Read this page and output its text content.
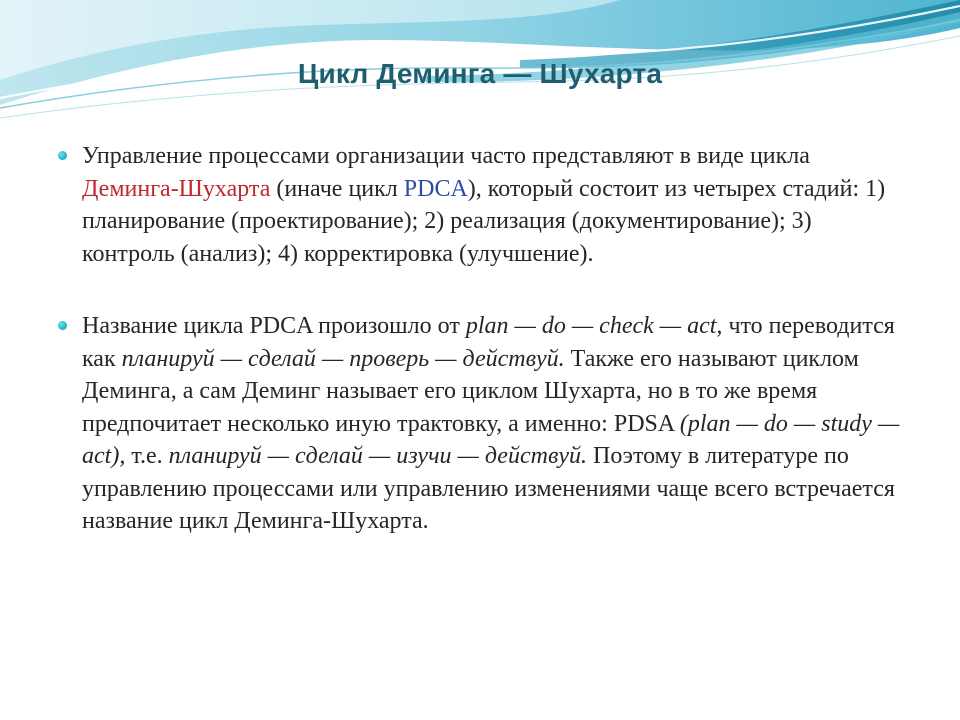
Цикл Деминга — Шухарта

Управление процессами организации часто представляют в виде цикла Деминга-Шухарта (иначе цикл PDCA), который состоит из четырех стадий: 1) планирование (проектирование); 2) реализация (документирование); 3) контроль (анализ); 4) корректировка (улучшение).

Название цикла PDCA произошло от plan — do — check — act, что переводится как планируй — сделай — проверь — действуй. Также его называют циклом Деминга, а сам Деминг называет его циклом Шухарта, но в то же время предпочитает несколько иную трактовку, а именно: PDSA (plan — do — study — act), т.е. планируй — сделай — изучи — действуй. Поэтому в литературе по управлению процессами или управлению изменениями чаще всего встречается название цикл Деминга-Шухарта.
